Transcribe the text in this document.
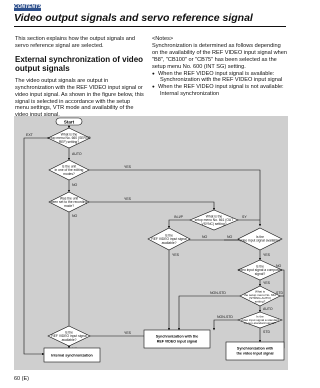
CONTENTS
Video output signals and servo reference signal

This section explains how the output signals and servo reference signal are selected.

External synchronization of video output signals

The video output signals are output in synchronization with the REF VIDEO input signal or video input signal. As shown in the figure below, this signal is selected in accordance with the setup menu settings, VTR mode and availability of the

<Notes>

Synchronization is determined as follows depending on the availability of the REF VIDEO input signal when "B8", "CB100" or "CB75" has been selected as the setup menu No. 600 (INT SG) setting.

● When the REF VIDEO input signal is available:
Synchronization with the REF VIDEO input signal
● When the REF VIDEO input signal is not available:
Internal synchronization
Start
What is the
setup menu No. 660 (SERVO
REF) setting?
Is the unit
in one of the editing
modes?
Was the unit
been set to the recording
mode?
What is the
setup menu No. 661 (OUT
VSYNC) setting?
Is the
REF VIDEO input signal
available?
Is the
video input signal available?
Is the
video input signal a composite
signal?
What is
the setup menu No. 662
(STDNG-AUTO)
setting?
Is the
video input signal a standard
or non-standard signal?
Is the
REF VIDEO input signal
available?
EXT
AUTO
YES
NO
YES
NO	IN-I/P	SY
YES
NO	NO
YES
NO
YES
NON-STD	STD
AUTO
STD
NON-STD
YES
Internal synchronization
Synchronization with the
REF VIDEO input signal
Synchronization with
the video input signal
60 (E)
